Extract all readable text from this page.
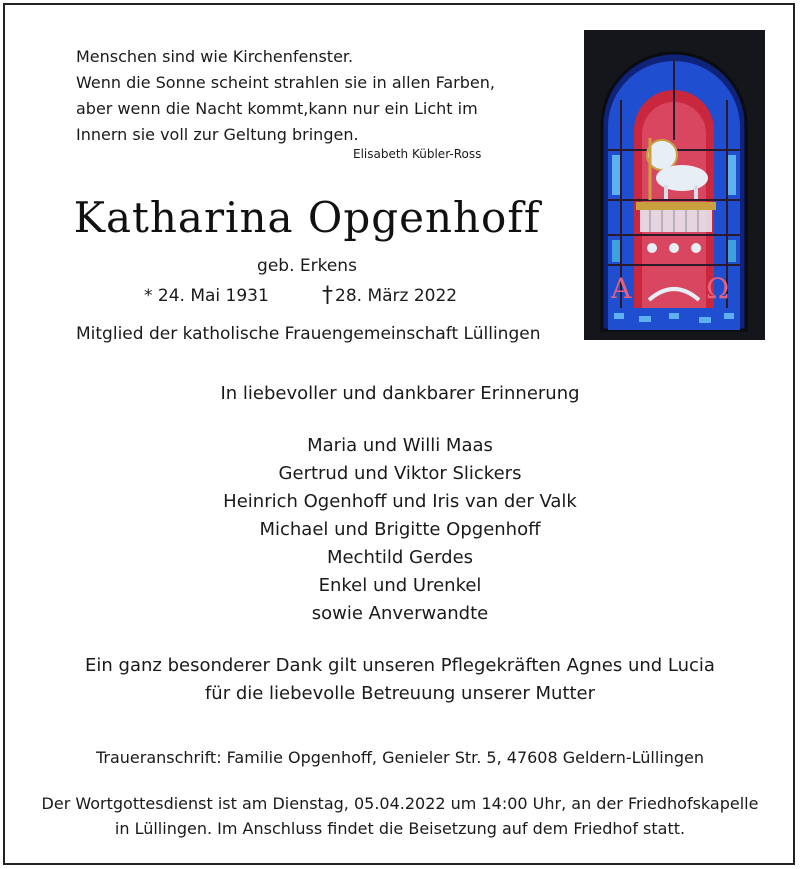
Menschen sind wie Kirchenfenster.
Wenn die Sonne scheint strahlen sie in allen Farben,
aber wenn die Nacht kommt,kann nur ein Licht im
Innern sie voll zur Geltung bringen.
Elisabeth Kübler-Ross
A	Ω
Katharina Opgenhoff
geb. Erkens
* 24. Mai 1931 † 28. März 2022
Mitglied der katholische Frauengemeinschaft Lüllingen
In liebevoller und dankbarer Erinnerung
Maria und Willi Maas
Gertrud und Viktor Slickers
Heinrich Ogenhoff und Iris van der Valk
Michael und Brigitte Opgenhoff
Mechtild Gerdes
Enkel und Urenkel
sowie Anverwandte
Ein ganz besonderer Dank gilt unseren Pflegekräften Agnes und Lucia
für die liebevolle Betreuung unserer Mutter
Traueranschrift: Familie Opgenhoff, Genieler Str. 5, 47608 Geldern-Lüllingen
Der Wortgottesdienst ist am Dienstag, 05.04.2022 um 14:00 Uhr, an der Friedhofskapelle
in Lüllingen. Im Anschluss findet die Beisetzung auf dem Friedhof statt.
